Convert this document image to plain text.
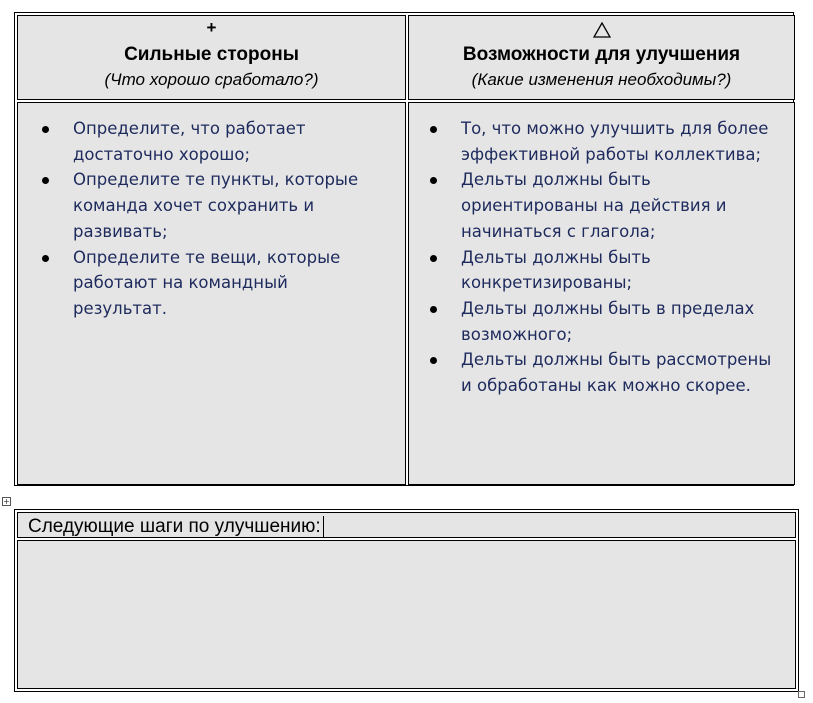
+
Сильные стороны
(Что хорошо сработало?)
Возможности для улучшения
(Какие изменения необходимы?)
Определите, что работает достаточно хорошо;
Определите те пункты, которые команда хочет сохранить и развивать;
Определите те вещи, которые работают на командный результат.
То, что можно улучшить для более эффективной работы коллектива;
Дельты должны быть ориентированы на действия и начинаться с глагола;
Дельты должны быть конкретизированы;
Дельты должны быть в пределах возможного;
Дельты должны быть рассмотрены и обработаны как можно скорее.
+
Следующие шаги по улучшению:
